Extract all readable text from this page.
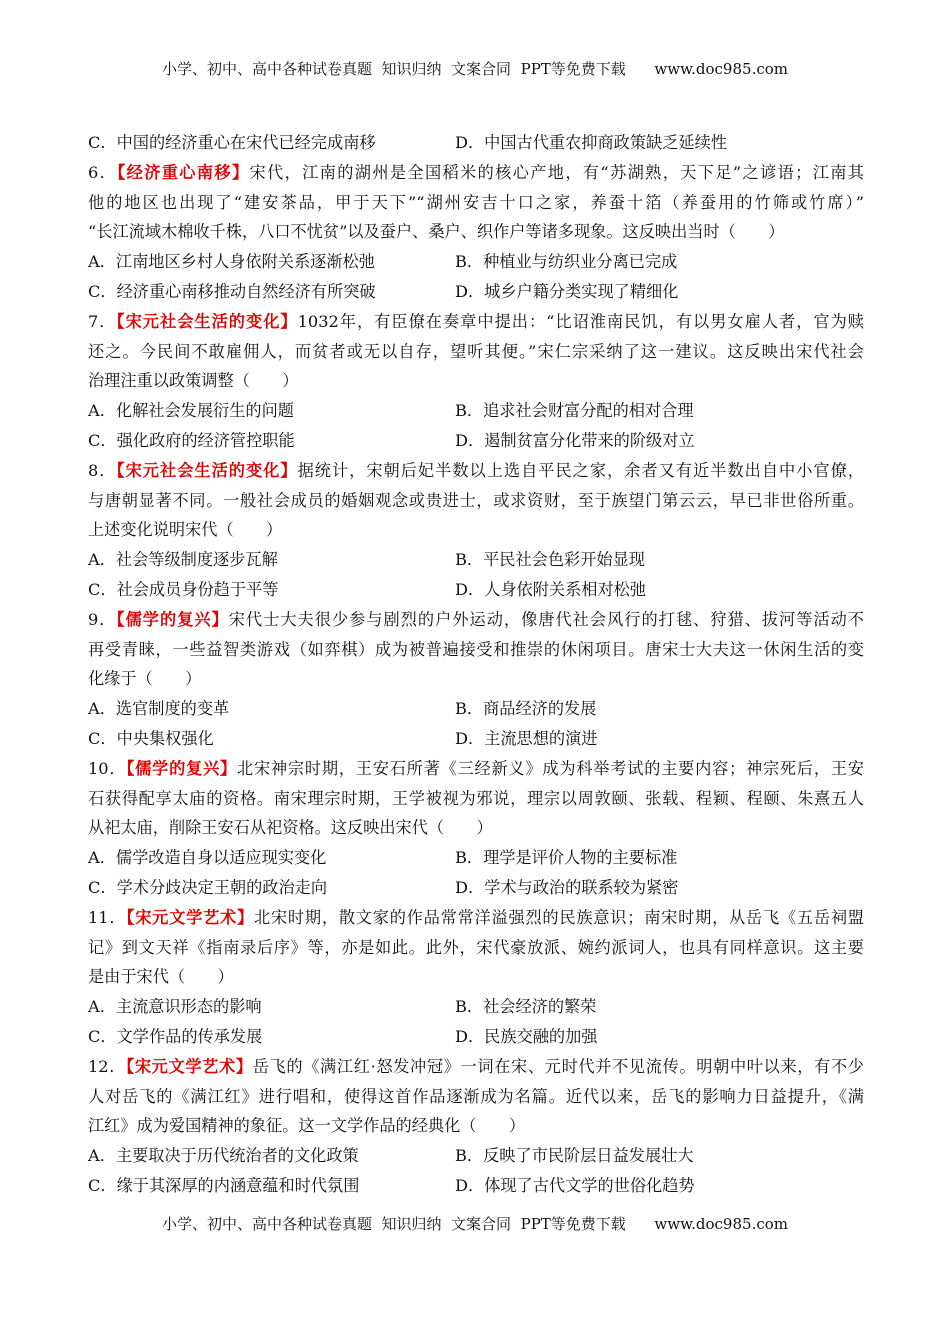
小学、初中、高中各种试卷真题  知识归纳  文案合同  PPT等免费下载      www.doc985.com
C．中国的经济重心在宋代已经完成南移	D．中国古代重农抑商政策缺乏延续性
6．【经济重心南移】宋代，江南的湖州是全国稻米的核心产地，有“苏湖熟，天下足”之谚语；江南其
他的地区也出现了“建安茶品，甲于天下”“湖州安吉十口之家，养蚕十箔（养蚕用的竹筛或竹席）”
“长江流域木棉收千株，八口不忧贫”以及蚕户、桑户、织作户等诸多现象。这反映出当时（　　）
A．江南地区乡村人身依附关系逐渐松弛	B．种植业与纺织业分离已完成
C．经济重心南移推动自然经济有所突破	D．城乡户籍分类实现了精细化
7．【宋元社会生活的变化】1032年，有臣僚在奏章中提出：“比诏淮南民饥，有以男女雇人者，官为赎
还之。今民间不敢雇佣人，而贫者或无以自存，望听其便。”宋仁宗采纳了这一建议。这反映出宋代社会
治理注重以政策调整（　　）
A．化解社会发展衍生的问题	B．追求社会财富分配的相对合理
C．强化政府的经济管控职能	D．遏制贫富分化带来的阶级对立
8．【宋元社会生活的变化】据统计，宋朝后妃半数以上选自平民之家，余者又有近半数出自中小官僚，
与唐朝显著不同。一般社会成员的婚姻观念或贵进士，或求资财，至于族望门第云云，早已非世俗所重。
上述变化说明宋代（　　）
A．社会等级制度逐步瓦解	B．平民社会色彩开始显现
C．社会成员身份趋于平等	D．人身依附关系相对松弛
9．【儒学的复兴】宋代士大夫很少参与剧烈的户外运动，像唐代社会风行的打毬、狩猎、拔河等活动不
再受青睐，一些益智类游戏（如弈棋）成为被普遍接受和推崇的休闲项目。唐宋士大夫这一休闲生活的变
化缘于（　　）
A．选官制度的变革	B．商品经济的发展
C．中央集权强化	D．主流思想的演进
10．【儒学的复兴】北宋神宗时期，王安石所著《三经新义》成为科举考试的主要内容；神宗死后，王安
石获得配享太庙的资格。南宋理宗时期，王学被视为邪说，理宗以周敦颐、张载、程颖、程颐、朱熹五人
从祀太庙，削除王安石从祀资格。这反映出宋代（　　）
A．儒学改造自身以适应现实变化	B．理学是评价人物的主要标准
C．学术分歧决定王朝的政治走向	D．学术与政治的联系较为紧密
11．【宋元文学艺术】北宋时期，散文家的作品常常洋溢强烈的民族意识；南宋时期，从岳飞《五岳祠盟
记》到文天祥《指南录后序》等，亦是如此。此外，宋代豪放派、婉约派词人，也具有同样意识。这主要
是由于宋代（　　）
A．主流意识形态的影响	B．社会经济的繁荣
C．文学作品的传承发展	D．民族交融的加强
12．【宋元文学艺术】岳飞的《满江红·怒发冲冠》一词在宋、元时代并不见流传。明朝中叶以来，有不少
人对岳飞的《满江红》进行唱和，使得这首作品逐渐成为名篇。近代以来，岳飞的影响力日益提升，《满
江红》成为爱国精神的象征。这一文学作品的经典化（　　）
A．主要取决于历代统治者的文化政策	B．反映了市民阶层日益发展壮大
C．缘于其深厚的内涵意蕴和时代氛围	D．体现了古代文学的世俗化趋势
小学、初中、高中各种试卷真题  知识归纳  文案合同  PPT等免费下载      www.doc985.com
